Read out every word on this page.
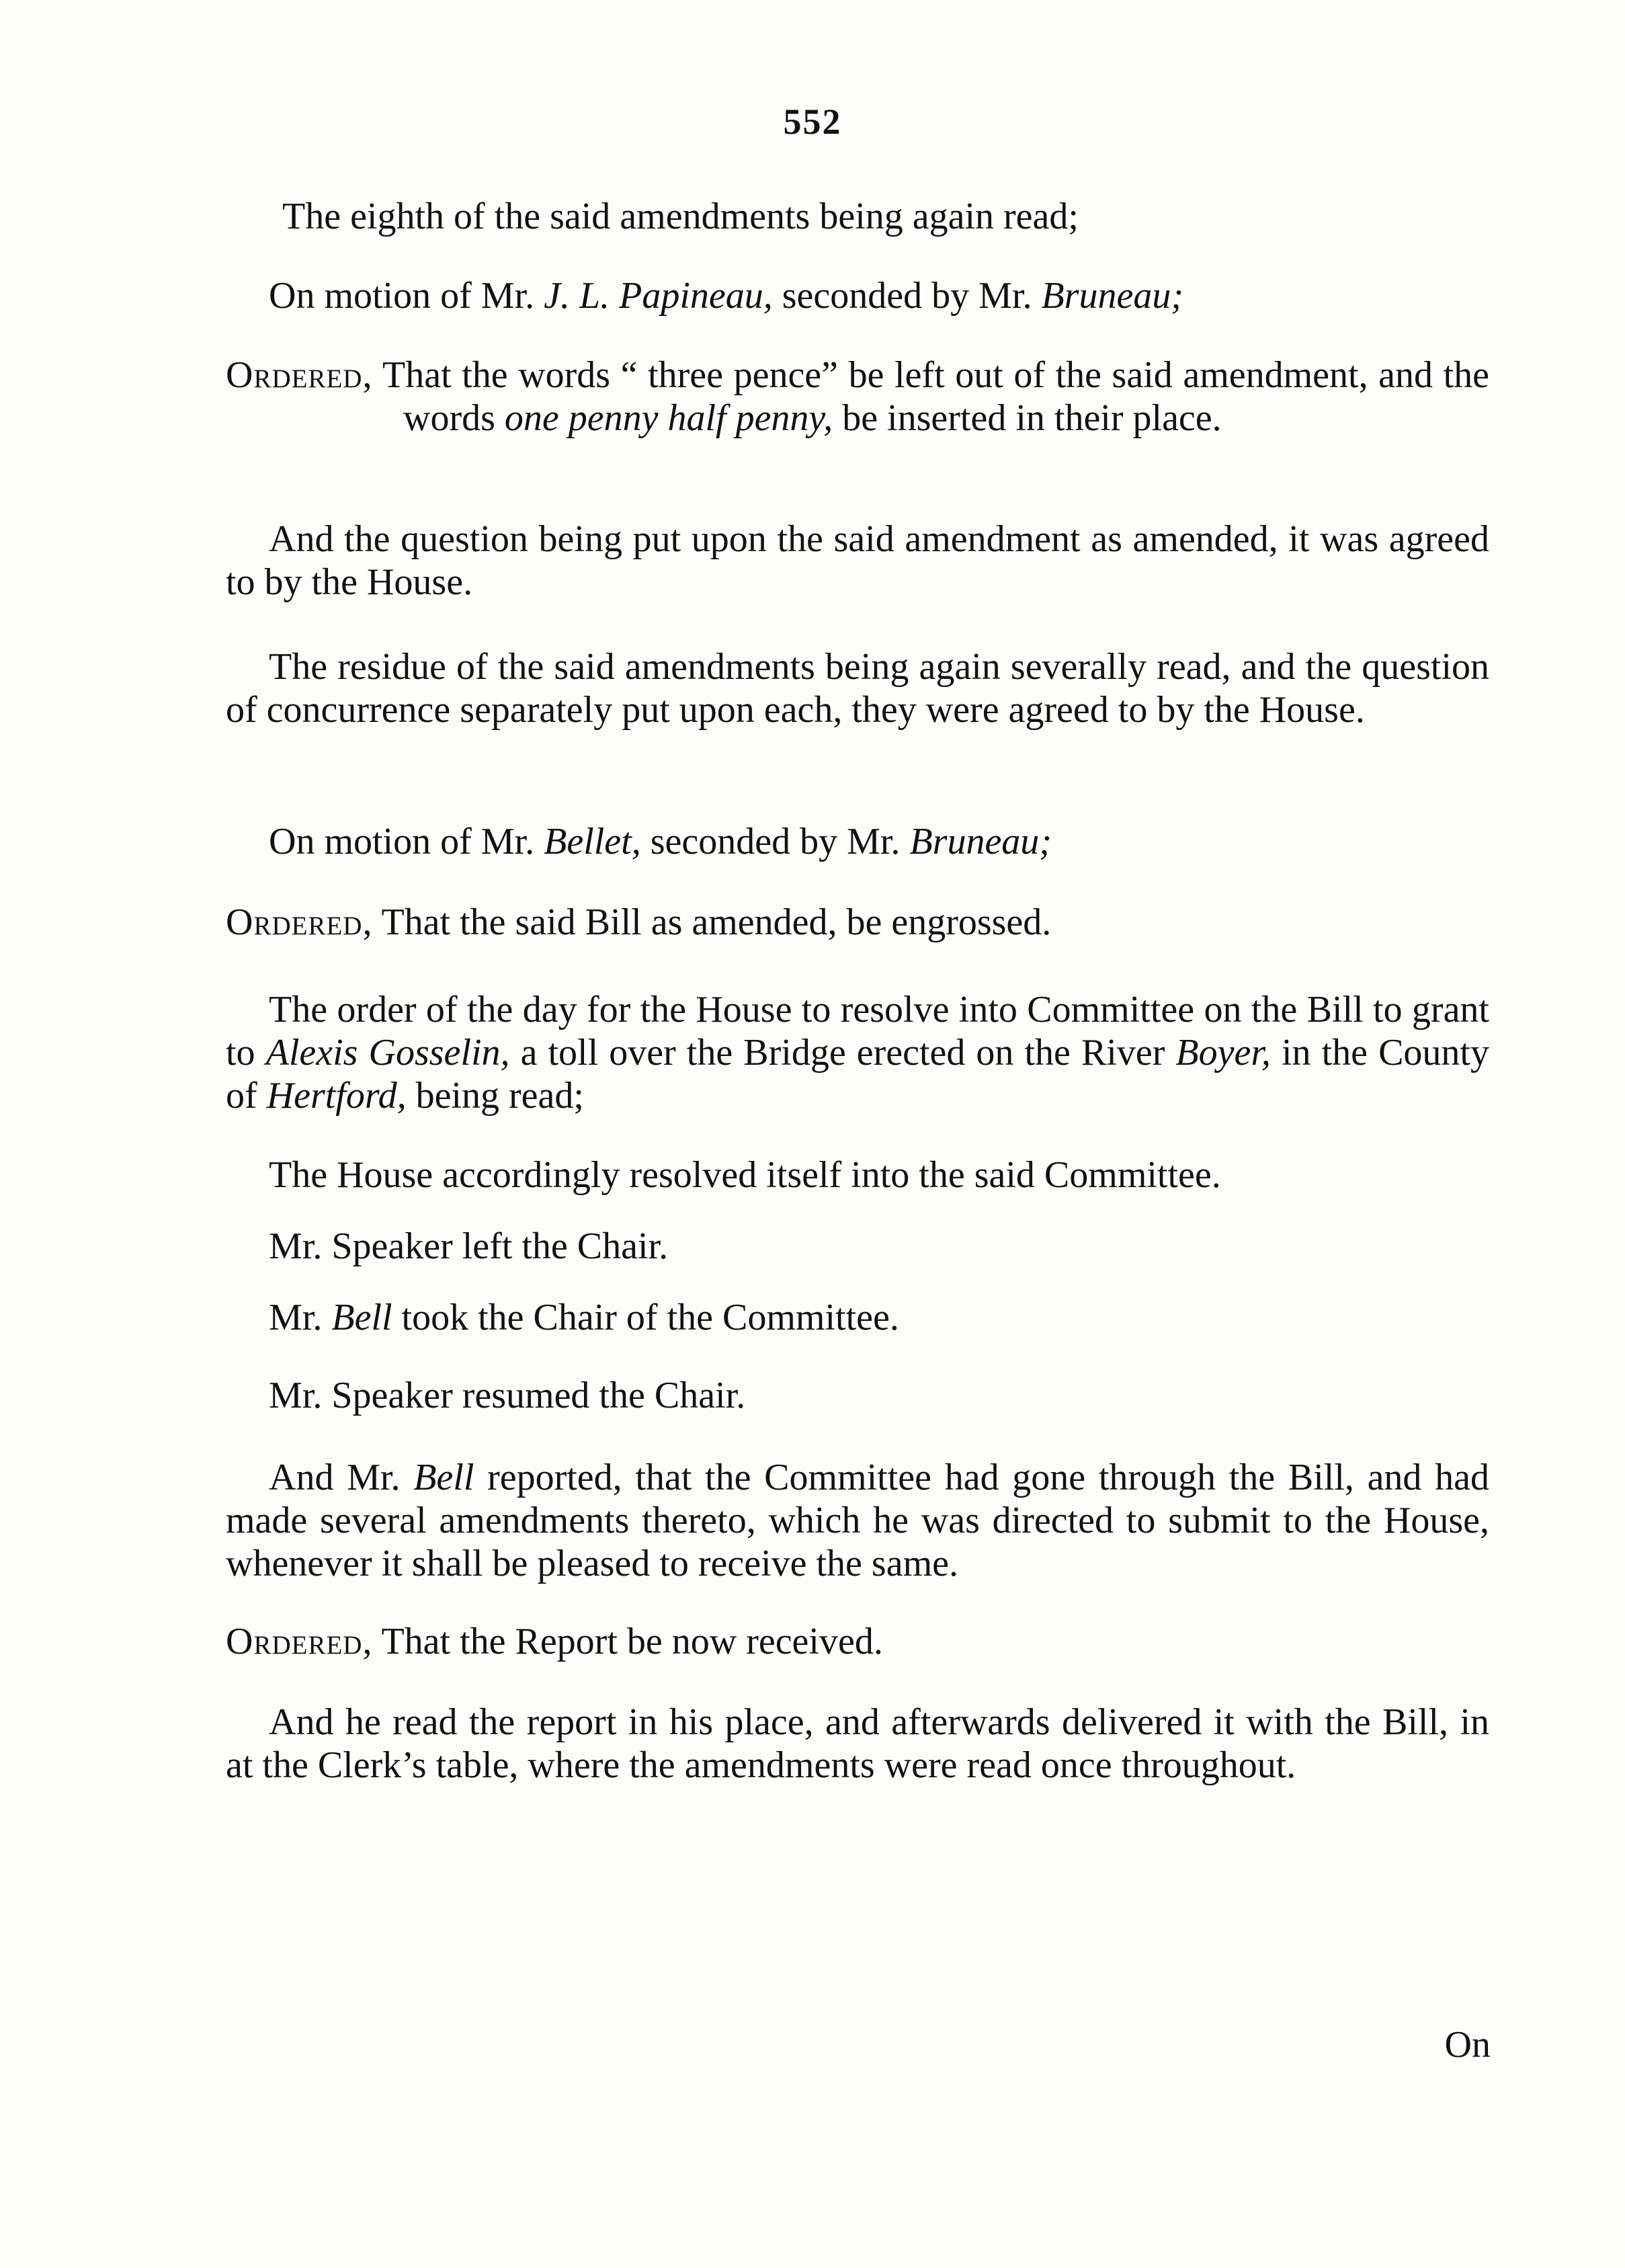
552
The eighth of the said amendments being again read;
On motion of Mr. J. L. Papineau, seconded by Mr. Bruneau;
Ordered, That the words “ three pence” be left out of the said amendment, and the words one penny half penny, be inserted in their place.
And the question being put upon the said amendment as amended, it was agreed to by the House.
The residue of the said amendments being again severally read, and the question of concurrence separately put upon each, they were agreed to by the House.
On motion of Mr. Bellet, seconded by Mr. Bruneau;
Ordered, That the said Bill as amended, be engrossed.
The order of the day for the House to resolve into Committee on the Bill to grant to Alexis Gosselin, a toll over the Bridge erected on the River Boyer, in the County of Hertford, being read;
The House accordingly resolved itself into the said Committee.
Mr. Speaker left the Chair.
Mr. Bell took the Chair of the Committee.
Mr. Speaker resumed the Chair.
And Mr. Bell reported, that the Committee had gone through the Bill, and had made several amendments thereto, which he was directed to submit to the House, whenever it shall be pleased to receive the same.
Ordered, That the Report be now received.
And he read the report in his place, and afterwards delivered it with the Bill, in at the Clerk’s table, where the amendments were read once throughout.
On
